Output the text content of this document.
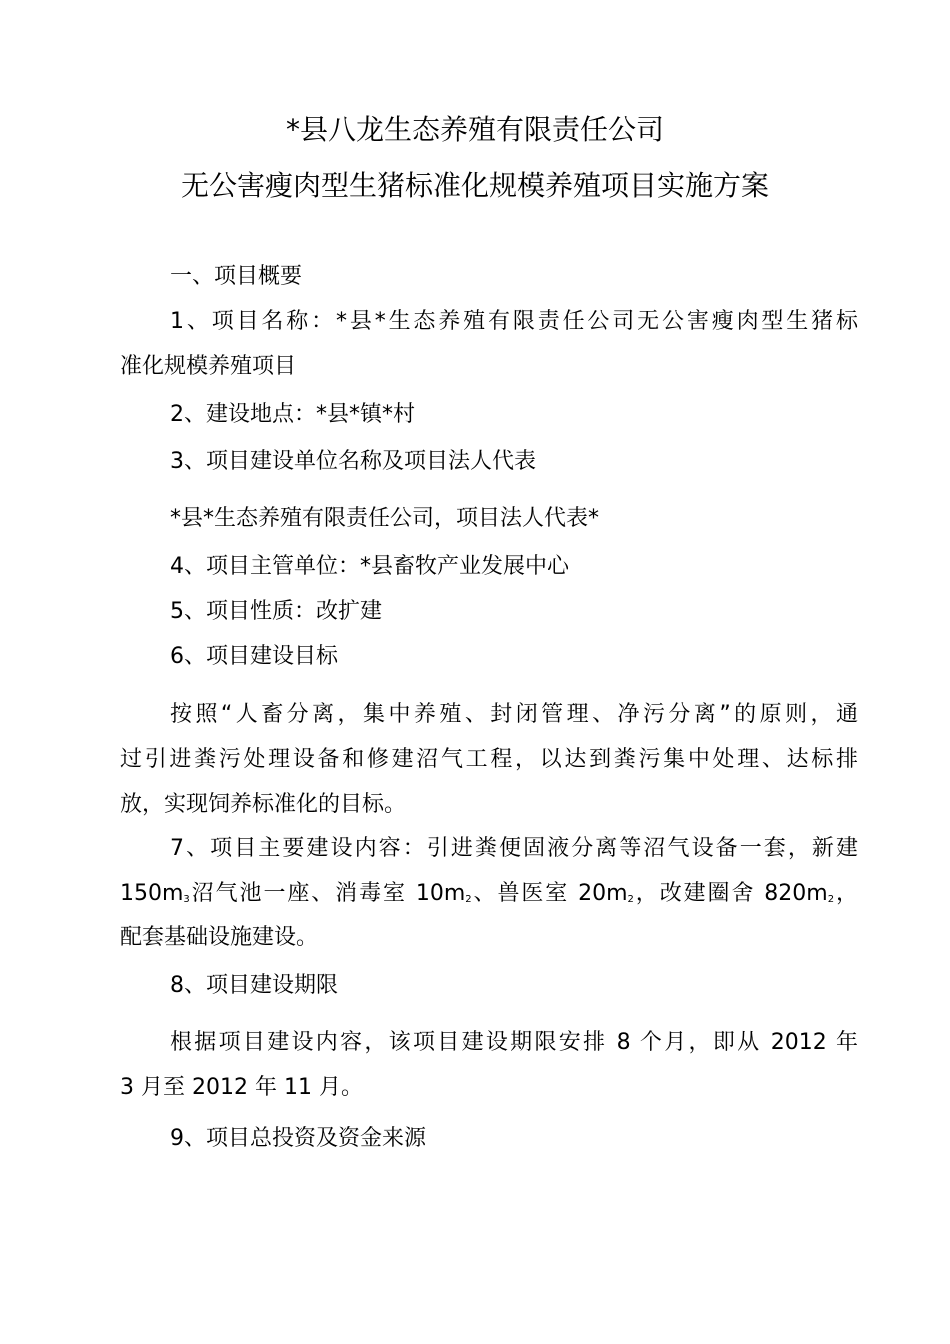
*县八龙生态养殖有限责任公司
无公害瘦肉型生猪标准化规模养殖项目实施方案
一、项目概要
1、项目名称：*县*生态养殖有限责任公司无公害瘦肉型生猪标
准化规模养殖项目
2、建设地点：*县*镇*村
3、项目建设单位名称及项目法人代表
*县*生态养殖有限责任公司，项目法人代表*
4、项目主管单位：*县畜牧产业发展中心
5、项目性质：改扩建
6、项目建设目标
按照“人畜分离，集中养殖、封闭管理、净污分离”的原则，通
过引进粪污处理设备和修建沼气工程，以达到粪污集中处理、达标排
放，实现饲养标准化的目标。
7、项目主要建设内容：引进粪便固液分离等沼气设备一套，新建
$150m_3$沼气池一座、消毒室 $10m_2$、兽医室 $20m_2$，改建圈舍 $820m_2$，
配套基础设施建设。
8、项目建设期限
根据项目建设内容，该项目建设期限安排 8 个月，即从 2012 年
3 月至 2012 年 11 月。
9、项目总投资及资金来源
